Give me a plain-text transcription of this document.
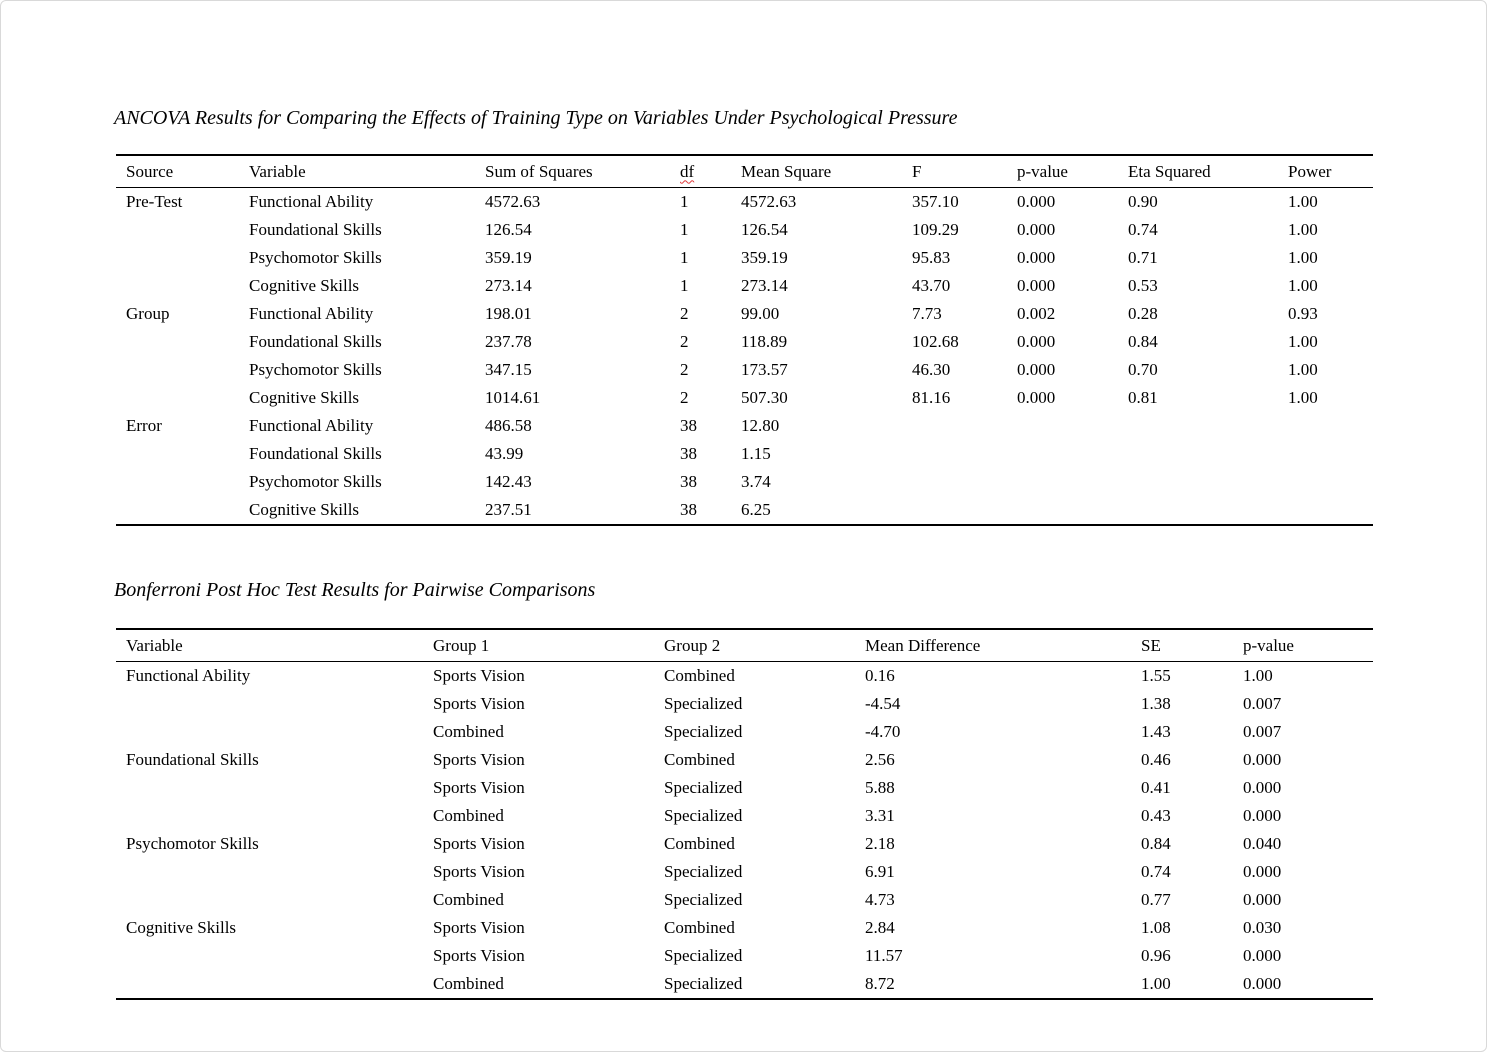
ANCOVA Results for Comparing the Effects of Training Type on Variables Under Psychological Pressure
Source	Variable	Sum of Squares	df	Mean Square	F	p-value	Eta Squared	Power
Pre-Test	Functional Ability	4572.63	1	4572.63	357.10	0.000	0.90	1.00
	Foundational Skills	126.54	1	126.54	109.29	0.000	0.74	1.00
	Psychomotor Skills	359.19	1	359.19	95.83	0.000	0.71	1.00
	Cognitive Skills	273.14	1	273.14	43.70	0.000	0.53	1.00
Group	Functional Ability	198.01	2	99.00	7.73	0.002	0.28	0.93
	Foundational Skills	237.78	2	118.89	102.68	0.000	0.84	1.00
	Psychomotor Skills	347.15	2	173.57	46.30	0.000	0.70	1.00
	Cognitive Skills	1014.61	2	507.30	81.16	0.000	0.81	1.00
Error	Functional Ability	486.58	38	12.80				
	Foundational Skills	43.99	38	1.15				
	Psychomotor Skills	142.43	38	3.74				
	Cognitive Skills	237.51	38	6.25				
Bonferroni Post Hoc Test Results for Pairwise Comparisons
Variable	Group 1	Group 2	Mean Difference	SE	p-value
Functional Ability	Sports Vision	Combined	0.16	1.55	1.00
	Sports Vision	Specialized	-4.54	1.38	0.007
	Combined	Specialized	-4.70	1.43	0.007
Foundational Skills	Sports Vision	Combined	2.56	0.46	0.000
	Sports Vision	Specialized	5.88	0.41	0.000
	Combined	Specialized	3.31	0.43	0.000
Psychomotor Skills	Sports Vision	Combined	2.18	0.84	0.040
	Sports Vision	Specialized	6.91	0.74	0.000
	Combined	Specialized	4.73	0.77	0.000
Cognitive Skills	Sports Vision	Combined	2.84	1.08	0.030
	Sports Vision	Specialized	11.57	0.96	0.000
	Combined	Specialized	8.72	1.00	0.000
